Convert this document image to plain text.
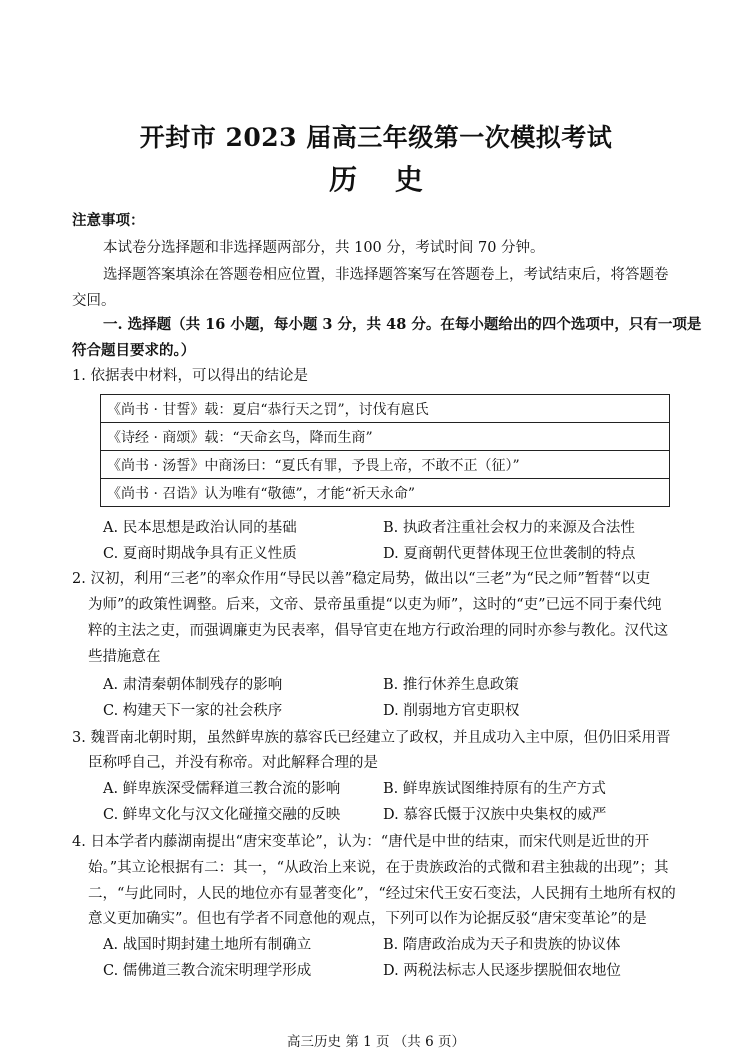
开封市 2023 届高三年级第一次模拟考试
历 史
注意事项：
本试卷分选择题和非选择题两部分，共 100 分，考试时间 70 分钟。
选择题答案填涂在答题卷相应位置，非选择题答案写在答题卷上，考试结束后，将答题卷
交回。
一. 选择题（共 16 小题，每小题 3 分，共 48 分。在每小题给出的四个选项中，只有一项是
符合题目要求的。）
1. 依据表中材料，可以得出的结论是
《尚书 · 甘誓》载：夏启“恭行天之罚”，讨伐有扈氏
《诗经 · 商颂》载：“天命玄鸟，降而生商”
《尚书 · 汤誓》中商汤曰：“夏氏有罪，予畏上帝，不敢不正（征）”
《尚书 · 召诰》认为唯有“敬德”，才能“祈天永命”
A. 民本思想是政治认同的基础	B. 执政者注重社会权力的来源及合法性
C. 夏商时期战争具有正义性质	D. 夏商朝代更替体现王位世袭制的特点
2. 汉初，利用“三老”的率众作用“导民以善”稳定局势，做出以“三老”为“民之师”暂替“以吏
为师”的政策性调整。后来，文帝、景帝虽重提“以吏为师”，这时的“吏”已远不同于秦代纯
粹的主法之吏，而强调廉吏为民表率，倡导官吏在地方行政治理的同时亦参与教化。汉代这
些措施意在
A. 肃清秦朝体制残存的影响	B. 推行休养生息政策
C. 构建天下一家的社会秩序	D. 削弱地方官吏职权
3. 魏晋南北朝时期，虽然鲜卑族的慕容氏已经建立了政权，并且成功入主中原，但仍旧采用晋
臣称呼自己，并没有称帝。对此解释合理的是
A. 鲜卑族深受儒释道三教合流的影响	B. 鲜卑族试图维持原有的生产方式
C. 鲜卑文化与汉文化碰撞交融的反映	D. 慕容氏慑于汉族中央集权的威严
4. 日本学者内藤湖南提出“唐宋变革论”，认为：“唐代是中世的结束，而宋代则是近世的开
始。”其立论根据有二：其一，“从政治上来说，在于贵族政治的式微和君主独裁的出现”；其
二，“与此同时，人民的地位亦有显著变化”，“经过宋代王安石变法，人民拥有土地所有权的
意义更加确实”。但也有学者不同意他的观点，下列可以作为论据反驳“唐宋变革论”的是
A. 战国时期封建土地所有制确立	B. 隋唐政治成为天子和贵族的协议体
C. 儒佛道三教合流宋明理学形成	D. 两税法标志人民逐步摆脱佃农地位
高三历史 第 1 页 （共 6 页）
